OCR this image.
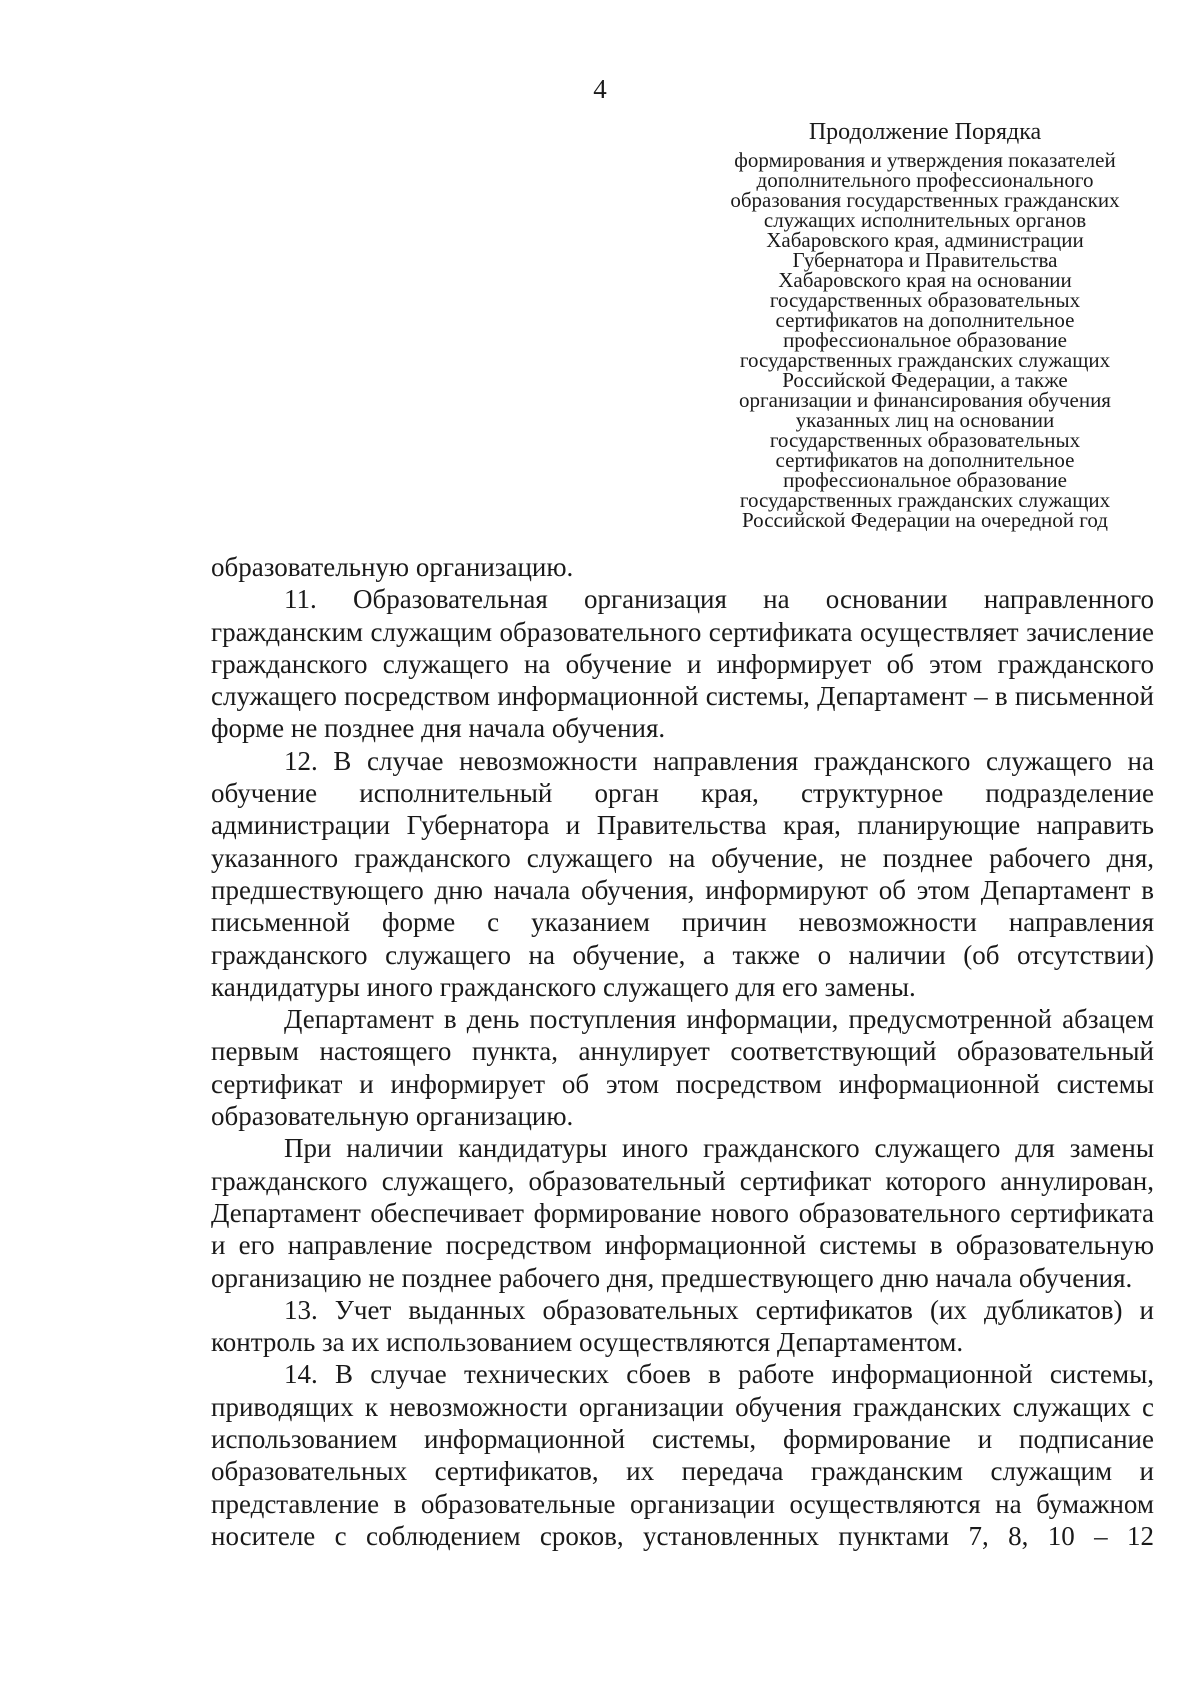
4
Продолжение Порядка
формирования и утверждения показателей
дополнительного профессионального
образования государственных гражданских
служащих исполнительных органов
Хабаровского края, администрации
Губернатора и Правительства
Хабаровского края на основании
государственных образовательных
сертификатов на дополнительное
профессиональное образование
государственных гражданских служащих
Российской Федерации, а также
организации и финансирования обучения
указанных лиц на основании
государственных образовательных
сертификатов на дополнительное
профессиональное образование
государственных гражданских служащих
Российской Федерации на очередной год

образовательную организацию.

11. Образовательная организация на основании направленного гражданским служащим образовательного сертификата осуществляет зачисление гражданского служащего на обучение и информирует об этом гражданского служащего посредством информационной системы, Департамент – в письменной форме не позднее дня начала обучения.

12. В случае невозможности направления гражданского служащего на обучение исполнительный орган края, структурное подразделение администрации Губернатора и Правительства края, планирующие направить указанного гражданского служащего на обучение, не позднее рабочего дня, предшествующего дню начала обучения, информируют об этом Департамент в письменной форме с указанием причин невозможности направления гражданского служащего на обучение, а также о наличии (об отсутствии) кандидатуры иного гражданского служащего для его замены.

Департамент в день поступления информации, предусмотренной абзацем первым настоящего пункта, аннулирует соответствующий образовательный сертификат и информирует об этом посредством информационной системы образовательную организацию.

При наличии кандидатуры иного гражданского служащего для замены гражданского служащего, образовательный сертификат которого аннулирован, Департамент обеспечивает формирование нового образовательного сертификата и его направление посредством информационной системы в образовательную организацию не позднее рабочего дня, предшествующего дню начала обучения.

13. Учет выданных образовательных сертификатов (их дубликатов) и контроль за их использованием осуществляются Департаментом.

14. В случае технических сбоев в работе информационной системы, приводящих к невозможности организации обучения гражданских служащих с использованием информационной системы, формирование и подписание образовательных сертификатов, их передача гражданским служащим и представление в образовательные организации осуществляются на бумажном носителе с соблюдением сроков, установленных пунктами 7, 8, 10 – 12
